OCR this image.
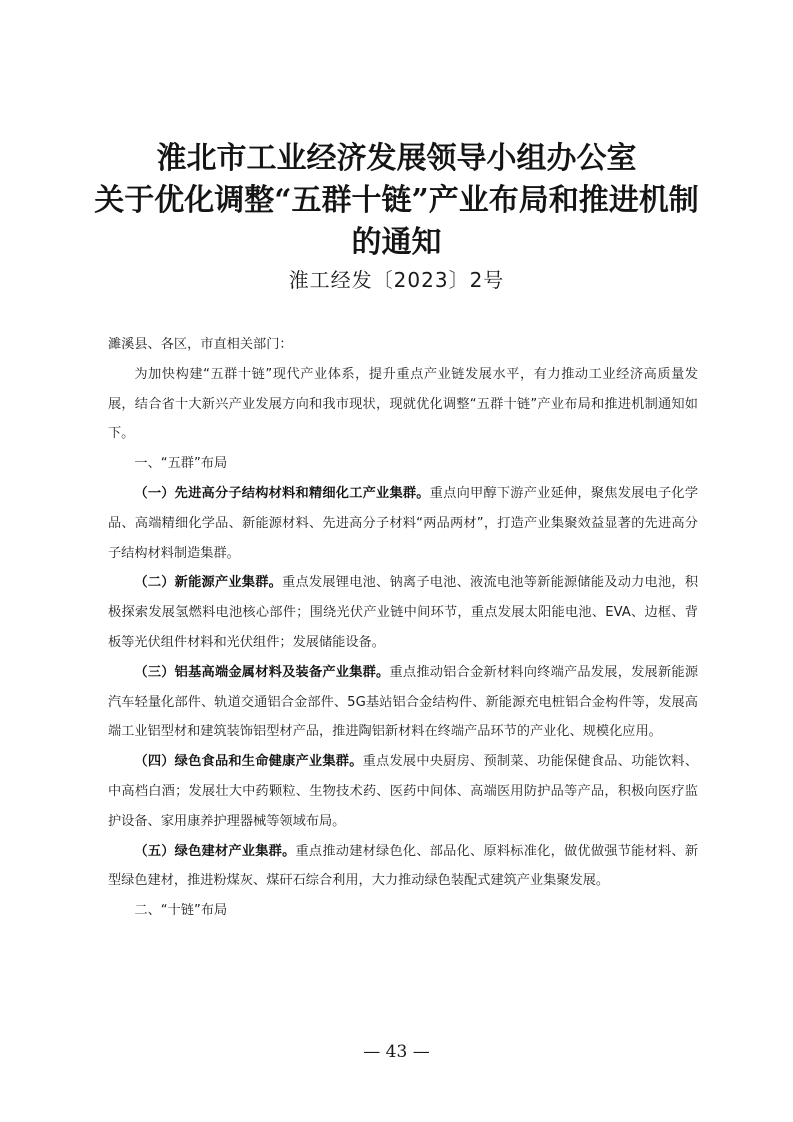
淮北市工业经济发展领导小组办公室
关于优化调整“五群十链”产业布局和推进机制
的通知
淮工经发〔2023〕2号

濉溪县、各区，市直相关部门：

为加快构建“五群十链”现代产业体系，提升重点产业链发展水平，有力推动工业经济高质量发展，结合省十大新兴产业发展方向和我市现状，现就优化调整“五群十链”产业布局和推进机制通知如下。

一、“五群”布局

（一）先进高分子结构材料和精细化工产业集群。重点向甲醇下游产业延伸，聚焦发展电子化学品、高端精细化学品、新能源材料、先进高分子材料“两品两材”，打造产业集聚效益显著的先进高分子结构材料制造集群。

（二）新能源产业集群。重点发展锂电池、钠离子电池、液流电池等新能源储能及动力电池，积极探索发展氢燃料电池核心部件；围绕光伏产业链中间环节，重点发展太阳能电池、EVA、边框、背板等光伏组件材料和光伏组件；发展储能设备。

（三）铝基高端金属材料及装备产业集群。重点推动铝合金新材料向终端产品发展，发展新能源汽车轻量化部件、轨道交通铝合金部件、5G基站铝合金结构件、新能源充电桩铝合金构件等，发展高端工业铝型材和建筑装饰铝型材产品，推进陶铝新材料在终端产品环节的产业化、规模化应用。

（四）绿色食品和生命健康产业集群。重点发展中央厨房、预制菜、功能保健食品、功能饮料、中高档白酒；发展壮大中药颗粒、生物技术药、医药中间体、高端医用防护品等产品，积极向医疗监护设备、家用康养护理器械等领域布局。

（五）绿色建材产业集群。重点推动建材绿色化、部品化、原料标准化，做优做强节能材料、新型绿色建材，推进粉煤灰、煤矸石综合利用，大力推动绿色装配式建筑产业集聚发展。

二、“十链”布局

— 43 —
